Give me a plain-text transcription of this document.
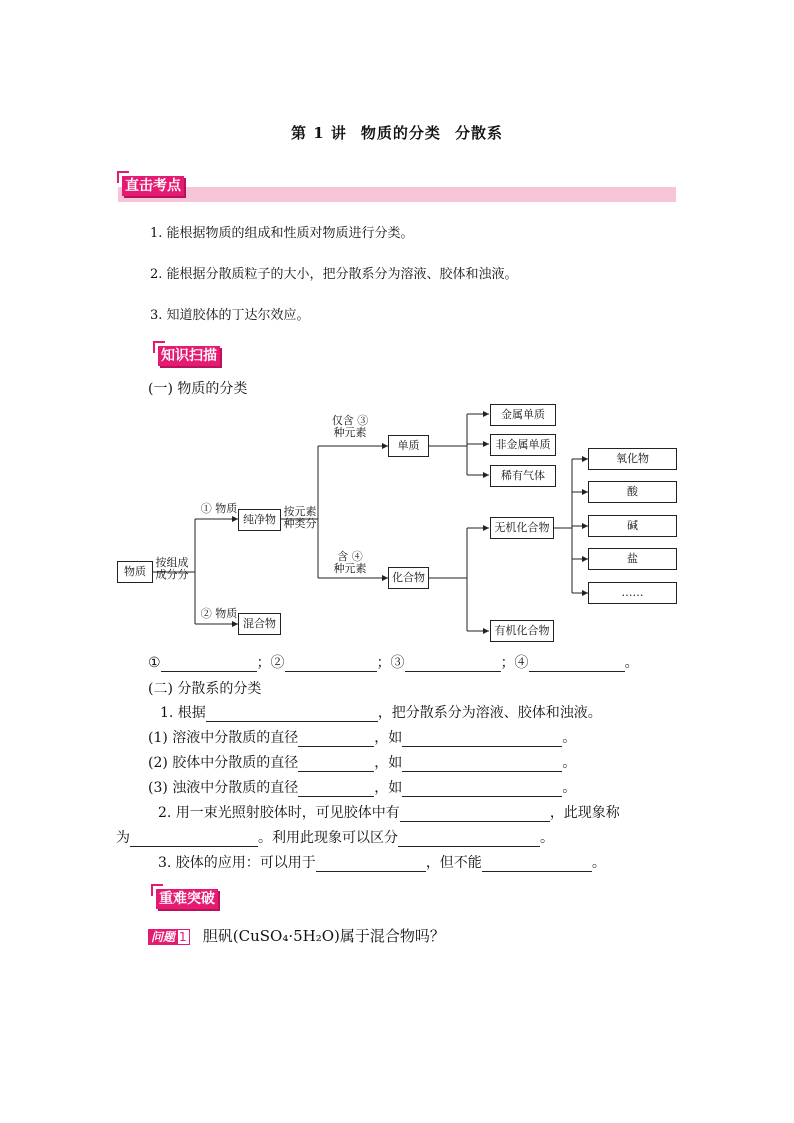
第 1 讲 物质的分类 分散系
直击考点
1. 能根据物质的组成和性质对物质进行分类。
2. 能根据分散质粒子的大小，把分散系分为溶液、胶体和浊液。
3. 知道胶体的丁达尔效应。
知识扫描
(一) 物质的分类
物质
按组成
成分分
① 物质
纯净物
② 物质
混合物
按元素
种类分
仅含 ③
种元素
单质
含 ④
种元素
化合物
金属单质
非金属单质
稀有气体
无机化合物
有机化合物
氧化物
酸
碱
盐
……
①	；②	；③	；④	。
(二) 分散系的分类
1. 根据	，把分散系分为溶液、胶体和浊液。
(1) 溶液中分散质的直径	，如	。
(2) 胶体中分散质的直径	，如	。
(3) 浊液中分散质的直径	，如	。
2. 用一束光照射胶体时，可见胶体中有	，此现象称
为	。利用此现象可以区分	。
3. 胶体的应用：可以用于	，但不能	。
重难突破
问题 1 胆矾(CuSO₄·5H₂O)属于混合物吗？
